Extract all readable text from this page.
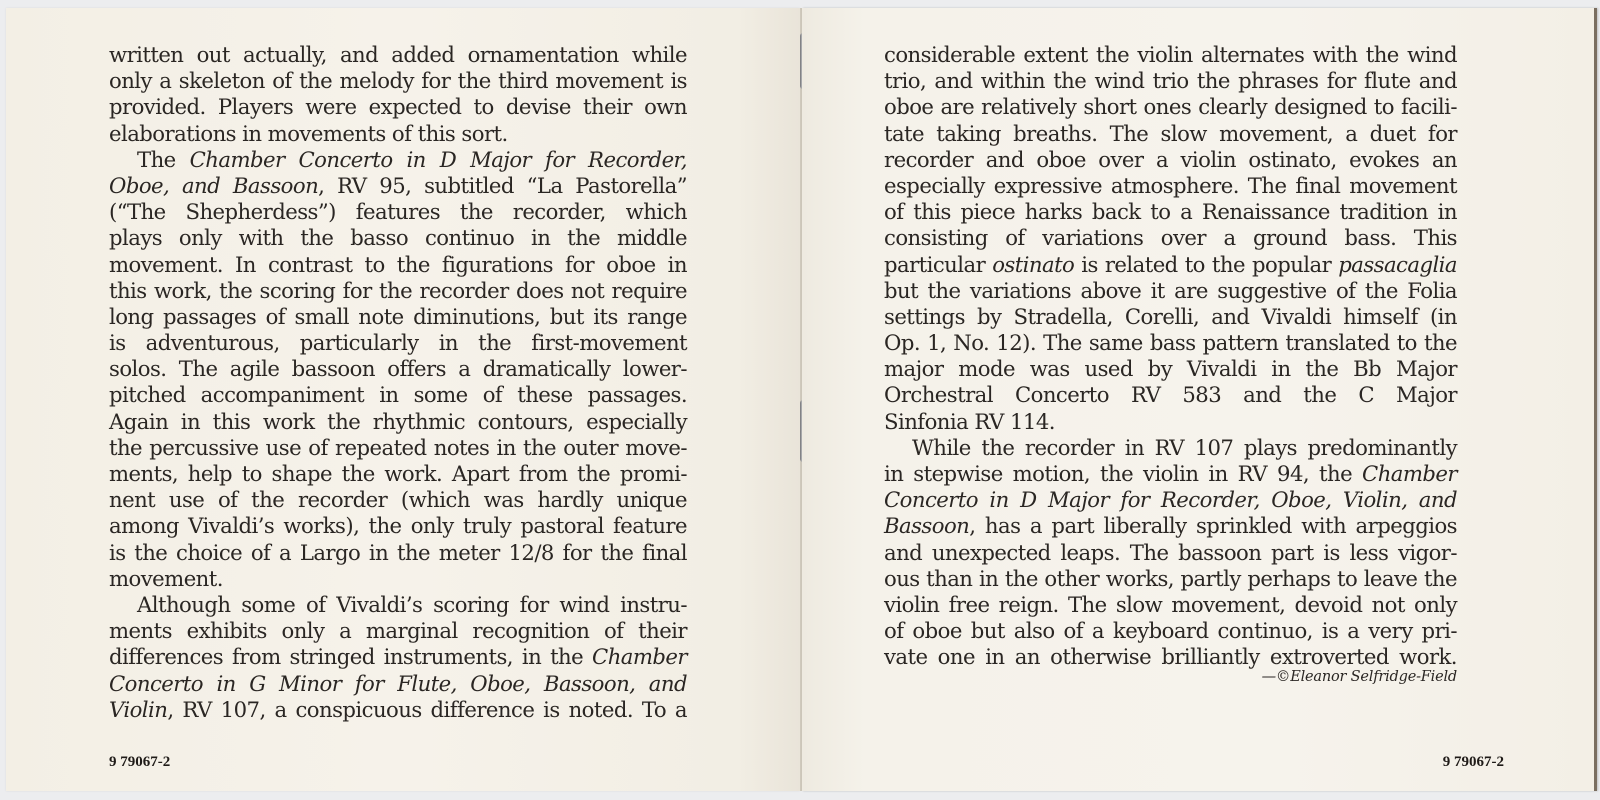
written out actually, and added ornamentation while
only a skeleton of the melody for the third movement is
provided. Players were expected to devise their own
elaborations in movements of this sort.
The Chamber Concerto in D Major for Recorder,
Oboe, and Bassoon, RV 95, subtitled “La Pastorella”
(“The Shepherdess”) features the recorder, which
plays only with the basso continuo in the middle
movement. In contrast to the figurations for oboe in
this work, the scoring for the recorder does not require
long passages of small note diminutions, but its range
is adventurous, particularly in the first-movement
solos. The agile bassoon offers a dramatically lower-
pitched accompaniment in some of these passages.
Again in this work the rhythmic contours, especially
the percussive use of repeated notes in the outer move-
ments, help to shape the work. Apart from the promi-
nent use of the recorder (which was hardly unique
among Vivaldi’s works), the only truly pastoral feature
is the choice of a Largo in the meter 12/8 for the final
movement.
Although some of Vivaldi’s scoring for wind instru-
ments exhibits only a marginal recognition of their
differences from stringed instruments, in the Chamber
Concerto in G Minor for Flute, Oboe, Bassoon, and
Violin, RV 107, a conspicuous difference is noted. To a
9 79067-2
considerable extent the violin alternates with the wind
trio, and within the wind trio the phrases for flute and
oboe are relatively short ones clearly designed to facili-
tate taking breaths. The slow movement, a duet for
recorder and oboe over a violin ostinato, evokes an
especially expressive atmosphere. The final movement
of this piece harks back to a Renaissance tradition in
consisting of variations over a ground bass. This
particular ostinato is related to the popular passacaglia
but the variations above it are suggestive of the Folia
settings by Stradella, Corelli, and Vivaldi himself (in
Op. 1, No. 12). The same bass pattern translated to the
major mode was used by Vivaldi in the Bb Major
Orchestral Concerto RV 583 and the C Major
Sinfonia RV 114.
While the recorder in RV 107 plays predominantly
in stepwise motion, the violin in RV 94, the Chamber
Concerto in D Major for Recorder, Oboe, Violin, and
Bassoon, has a part liberally sprinkled with arpeggios
and unexpected leaps. The bassoon part is less vigor-
ous than in the other works, partly perhaps to leave the
violin free reign. The slow movement, devoid not only
of oboe but also of a keyboard continuo, is a very pri-
vate one in an otherwise brilliantly extroverted work.
—©Eleanor Selfridge-Field
9 79067-2
